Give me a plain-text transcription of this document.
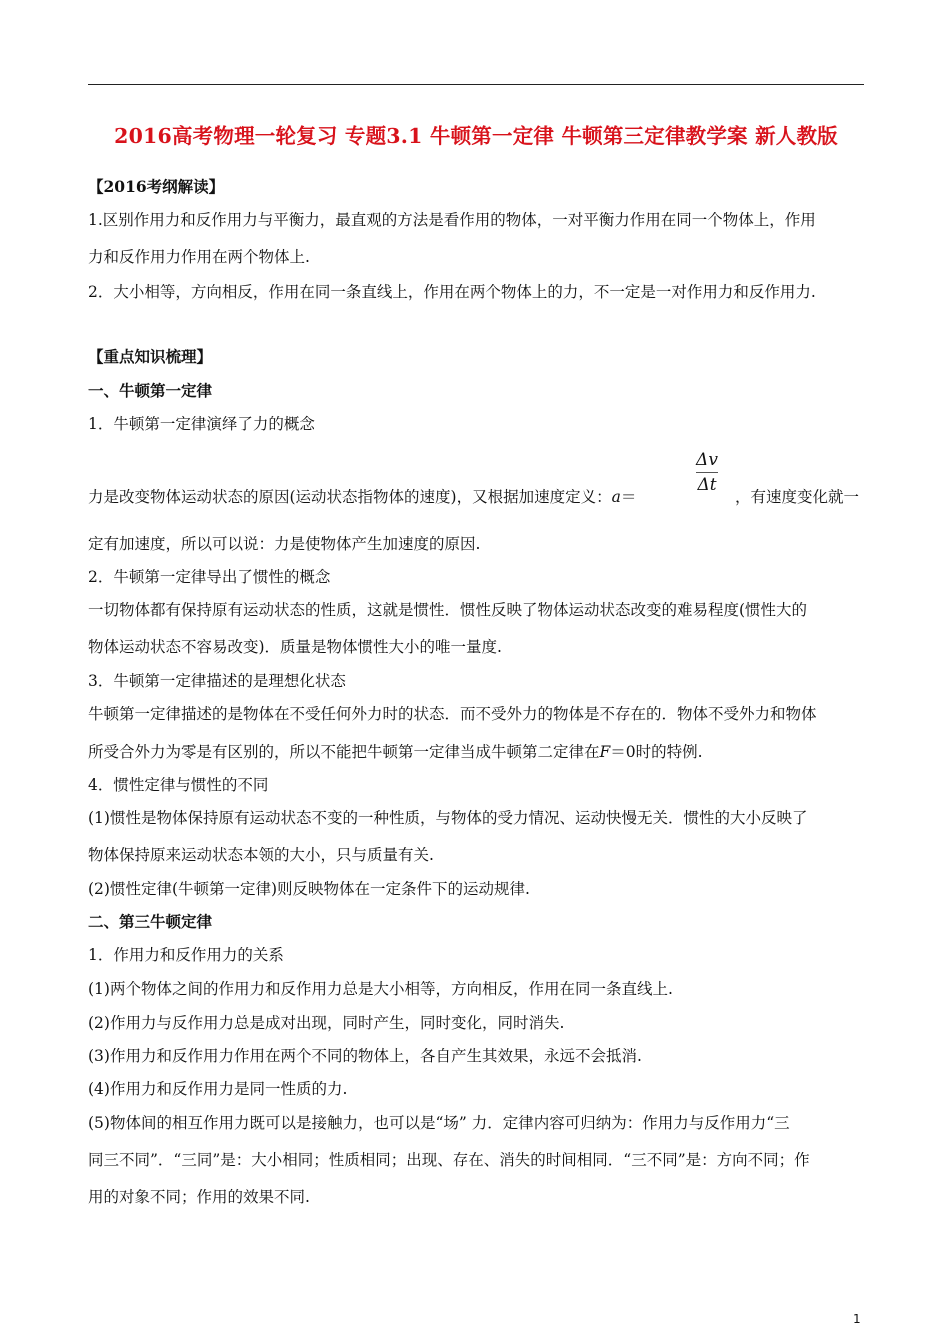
2016高考物理一轮复习 专题3.1 牛顿第一定律 牛顿第三定律教学案 新人教版
【2016考纲解读】
1.区别作用力和反作用力与平衡力，最直观的方法是看作用的物体，一对平衡力作用在同一个物体上，作用
力和反作用力作用在两个物体上.
2．大小相等，方向相反，作用在同一条直线上，作用在两个物体上的力，不一定是一对作用力和反作用力.
【重点知识梳理】
一、牛顿第一定律
1．牛顿第一定律演绎了力的概念
力是改变物体运动状态的原因(运动状态指物体的速度)，又根据加速度定义：a＝
Δv
Δt
，有速度变化就一
定有加速度，所以可以说：力是使物体产生加速度的原因.
2．牛顿第一定律导出了惯性的概念
一切物体都有保持原有运动状态的性质，这就是惯性．惯性反映了物体运动状态改变的难易程度(惯性大的
物体运动状态不容易改变)．质量是物体惯性大小的唯一量度.
3．牛顿第一定律描述的是理想化状态
牛顿第一定律描述的是物体在不受任何外力时的状态．而不受外力的物体是不存在的．物体不受外力和物体
所受合外力为零是有区别的，所以不能把牛顿第一定律当成牛顿第二定律在F＝0时的特例.
4．惯性定律与惯性的不同
(1)惯性是物体保持原有运动状态不变的一种性质，与物体的受力情况、运动快慢无关．惯性的大小反映了
物体保持原来运动状态本领的大小，只与质量有关.
(2)惯性定律(牛顿第一定律)则反映物体在一定条件下的运动规律.
二、第三牛顿定律
1．作用力和反作用力的关系
(1)两个物体之间的作用力和反作用力总是大小相等，方向相反，作用在同一条直线上.
(2)作用力与反作用力总是成对出现，同时产生，同时变化，同时消失.
(3)作用力和反作用力作用在两个不同的物体上，各自产生其效果，永远不会抵消.
(4)作用力和反作用力是同一性质的力.
(5)物体间的相互作用力既可以是接触力，也可以是“场” 力．定律内容可归纳为：作用力与反作用力“三
同三不同”．“三同”是：大小相同；性质相同；出现、存在、消失的时间相同．“三不同”是：方向不同；作
用的对象不同；作用的效果不同.
1
